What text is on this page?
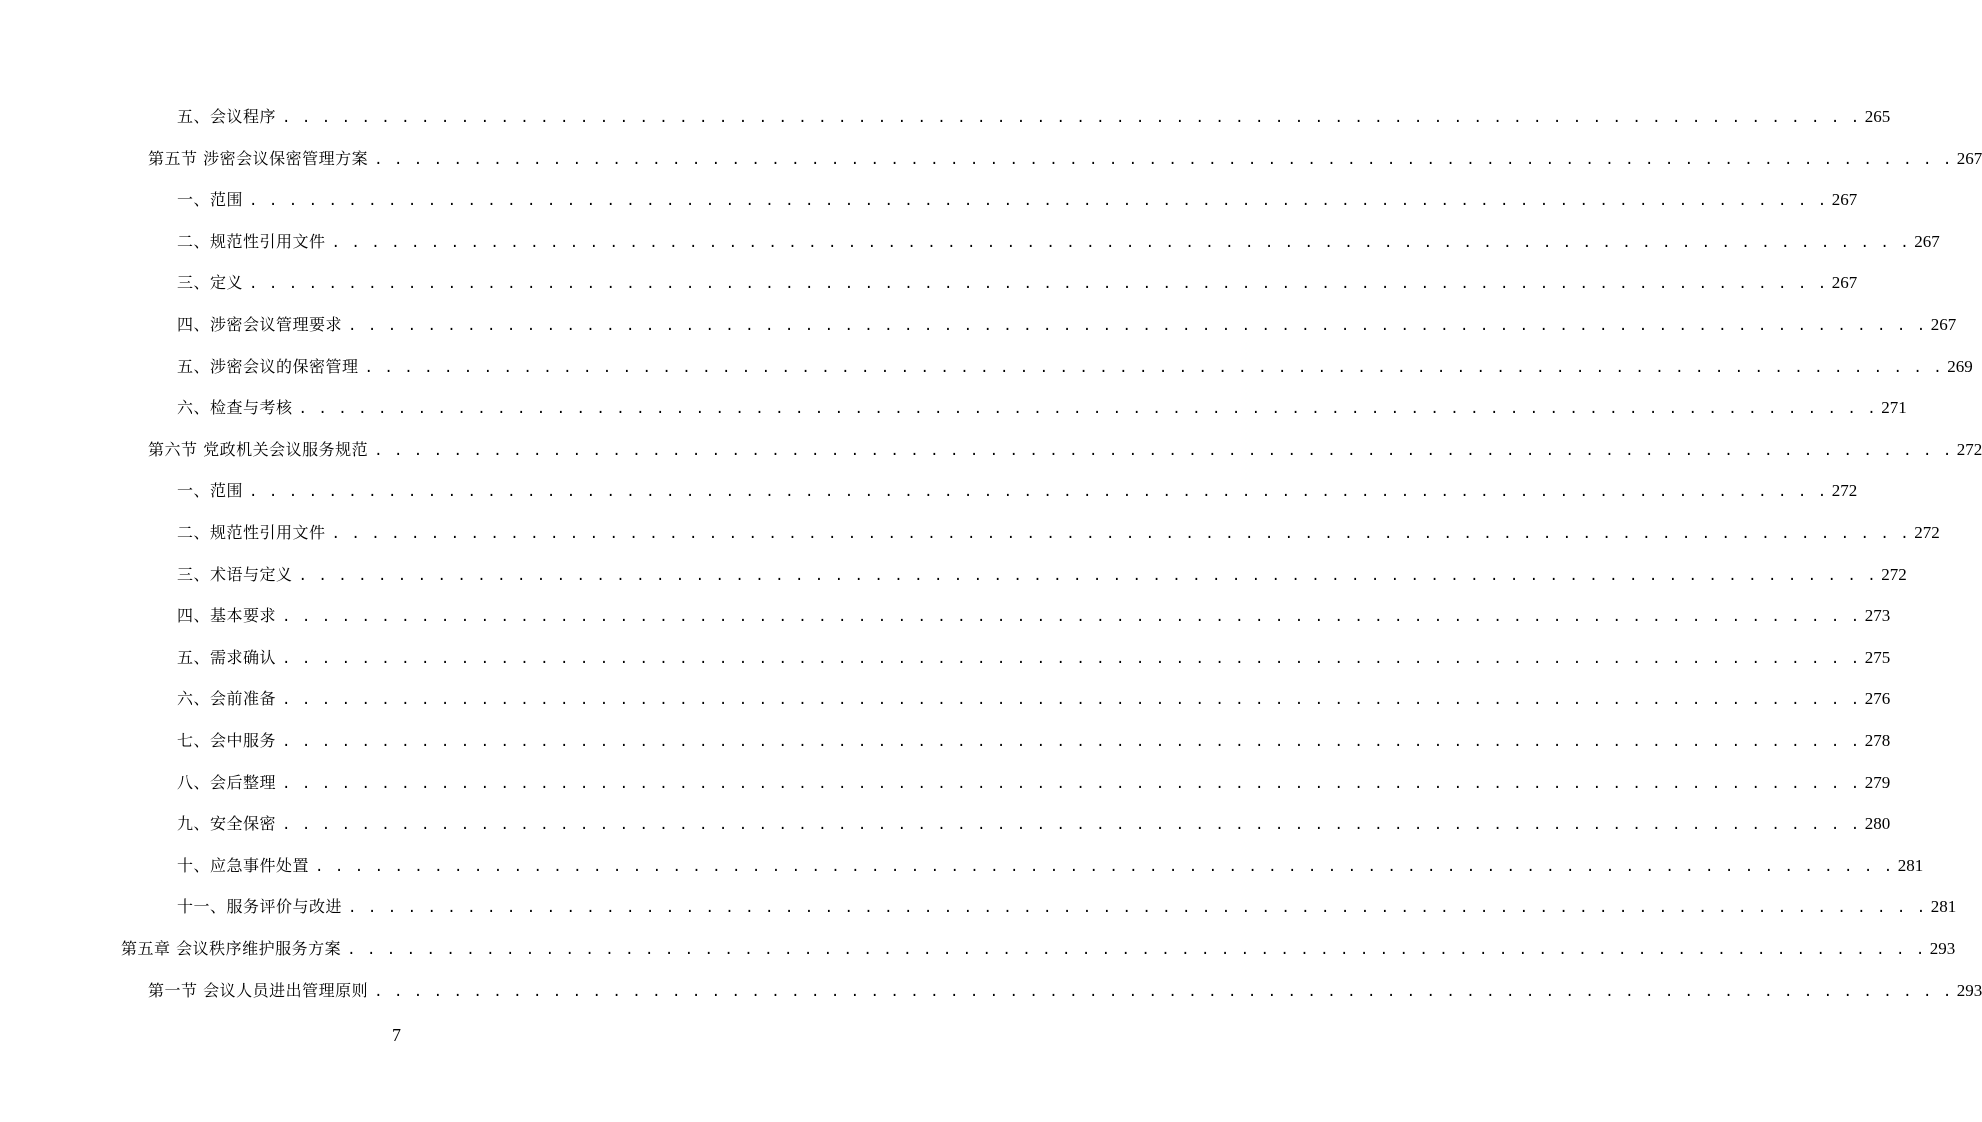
五、会议程序 . . . . . . . . . . . . . . . . . . . . . . . . . . . . . . . . . . . . . . . . . . . . . . . . . . . . . . . . . . . . . . . . . . . . . . . . . . . . . . . . 265
第五节 涉密会议保密管理方案 . . . . . . . . . . . . . . . . . . . . . . . . . . . . . . . . . . . . . . . . . . . . . . . . . . . . . . . . . . . . . . . . . . . . . . . . . . . . . . . . 267
一、范围 . . . . . . . . . . . . . . . . . . . . . . . . . . . . . . . . . . . . . . . . . . . . . . . . . . . . . . . . . . . . . . . . . . . . . . . . . . . . . . . . 267
二、规范性引用文件 . . . . . . . . . . . . . . . . . . . . . . . . . . . . . . . . . . . . . . . . . . . . . . . . . . . . . . . . . . . . . . . . . . . . . . . . . . . . . . . . 267
三、定义 . . . . . . . . . . . . . . . . . . . . . . . . . . . . . . . . . . . . . . . . . . . . . . . . . . . . . . . . . . . . . . . . . . . . . . . . . . . . . . . . 267
四、涉密会议管理要求 . . . . . . . . . . . . . . . . . . . . . . . . . . . . . . . . . . . . . . . . . . . . . . . . . . . . . . . . . . . . . . . . . . . . . . . . . . . . . . . . 267
五、涉密会议的保密管理 . . . . . . . . . . . . . . . . . . . . . . . . . . . . . . . . . . . . . . . . . . . . . . . . . . . . . . . . . . . . . . . . . . . . . . . . . . . . . . . . 269
六、检查与考核 . . . . . . . . . . . . . . . . . . . . . . . . . . . . . . . . . . . . . . . . . . . . . . . . . . . . . . . . . . . . . . . . . . . . . . . . . . . . . . . . 271
第六节 党政机关会议服务规范 . . . . . . . . . . . . . . . . . . . . . . . . . . . . . . . . . . . . . . . . . . . . . . . . . . . . . . . . . . . . . . . . . . . . . . . . . . . . . . . . 272
一、范围 . . . . . . . . . . . . . . . . . . . . . . . . . . . . . . . . . . . . . . . . . . . . . . . . . . . . . . . . . . . . . . . . . . . . . . . . . . . . . . . . 272
二、规范性引用文件 . . . . . . . . . . . . . . . . . . . . . . . . . . . . . . . . . . . . . . . . . . . . . . . . . . . . . . . . . . . . . . . . . . . . . . . . . . . . . . . . 272
三、术语与定义 . . . . . . . . . . . . . . . . . . . . . . . . . . . . . . . . . . . . . . . . . . . . . . . . . . . . . . . . . . . . . . . . . . . . . . . . . . . . . . . . 272
四、基本要求 . . . . . . . . . . . . . . . . . . . . . . . . . . . . . . . . . . . . . . . . . . . . . . . . . . . . . . . . . . . . . . . . . . . . . . . . . . . . . . . . 273
五、需求确认 . . . . . . . . . . . . . . . . . . . . . . . . . . . . . . . . . . . . . . . . . . . . . . . . . . . . . . . . . . . . . . . . . . . . . . . . . . . . . . . . 275
六、会前准备 . . . . . . . . . . . . . . . . . . . . . . . . . . . . . . . . . . . . . . . . . . . . . . . . . . . . . . . . . . . . . . . . . . . . . . . . . . . . . . . . 276
七、会中服务 . . . . . . . . . . . . . . . . . . . . . . . . . . . . . . . . . . . . . . . . . . . . . . . . . . . . . . . . . . . . . . . . . . . . . . . . . . . . . . . . 278
八、会后整理 . . . . . . . . . . . . . . . . . . . . . . . . . . . . . . . . . . . . . . . . . . . . . . . . . . . . . . . . . . . . . . . . . . . . . . . . . . . . . . . . 279
九、安全保密 . . . . . . . . . . . . . . . . . . . . . . . . . . . . . . . . . . . . . . . . . . . . . . . . . . . . . . . . . . . . . . . . . . . . . . . . . . . . . . . . 280
十、应急事件处置 . . . . . . . . . . . . . . . . . . . . . . . . . . . . . . . . . . . . . . . . . . . . . . . . . . . . . . . . . . . . . . . . . . . . . . . . . . . . . . . . 281
十一、服务评价与改进 . . . . . . . . . . . . . . . . . . . . . . . . . . . . . . . . . . . . . . . . . . . . . . . . . . . . . . . . . . . . . . . . . . . . . . . . . . . . . . . . 281
第五章 会议秩序维护服务方案 . . . . . . . . . . . . . . . . . . . . . . . . . . . . . . . . . . . . . . . . . . . . . . . . . . . . . . . . . . . . . . . . . . . . . . . . . . . . . . . . 293
第一节 会议人员进出管理原则 . . . . . . . . . . . . . . . . . . . . . . . . . . . . . . . . . . . . . . . . . . . . . . . . . . . . . . . . . . . . . . . . . . . . . . . . . . . . . . . . 293
7
